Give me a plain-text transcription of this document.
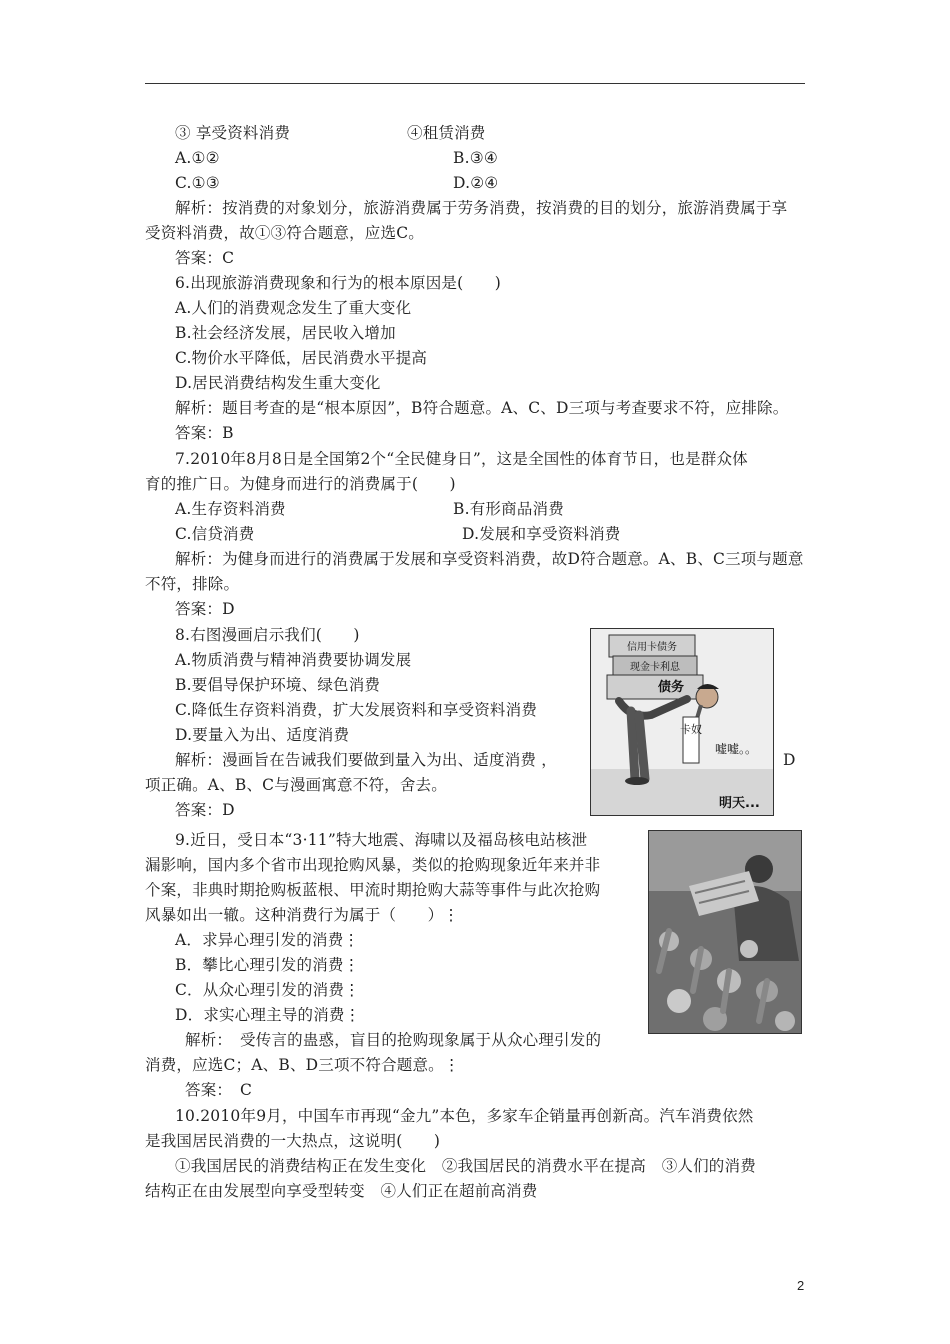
③ 享受资料消费	④租赁消费
A.①②	B.③④
C.①③	D.②④
解析：按消费的对象划分，旅游消费属于劳务消费，按消费的目的划分，旅游消费属于享
受资料消费，故①③符合题意，应选C。
答案：C
6.出现旅游消费现象和行为的根本原因是(　　)
A.人们的消费观念发生了重大变化
B.社会经济发展，居民收入增加
C.物价水平降低，居民消费水平提高
D.居民消费结构发生重大变化
解析：题目考查的是“根本原因”，B符合题意。A、C、D三项与考查要求不符，应排除。
答案：B
7.2010年8月8日是全国第2个“全民健身日”，这是全国性的体育节日，也是群众体
育的推广日。为健身而进行的消费属于(　　)
A.生存资料消费	B.有形商品消费
C.信贷消费	D.发展和享受资料消费
解析：为健身而进行的消费属于发展和享受资料消费，故D符合题意。A、B、C三项与题意
不符，排除。
答案：D
8.右图漫画启示我们(　　)
A.物质消费与精神消费要协调发展
B.要倡导保护环境、绿色消费
C.降低生存资料消费，扩大发展资料和享受资料消费
D.要量入为出、适度消费
解析：漫画旨在告诫我们要做到量入为出、适度消费 ，	D
项正确。A、B、C与漫画寓意不符，舍去。
答案：D
信用卡债务
现金卡利息
债务
卡奴
嘘嘘。。
明天...
9.近日，受日本“3·11”特大地震、海啸以及福岛核电站核泄
漏影响，国内多个省市出现抢购风暴，类似的抢购现象近年来并非
个案，非典时期抢购板蓝根、甲流时期抢购大蒜等事件与此次抢购
风暴如出一辙。这种消费行为属于（　　）⋮
A．求异心理引发的消费⋮
B．攀比心理引发的消费⋮
C．从众心理引发的消费⋮
D．求实心理主导的消费⋮
解析：　受传言的蛊惑，盲目的抢购现象属于从众心理引发的
消费，应选C；A、B、D三项不符合题意。⋮
答案：　C
10.2010年9月，中国车市再现“金九”本色，多家车企销量再创新高。汽车消费依然
是我国居民消费的一大热点，这说明(　　)
①我国居民的消费结构正在发生变化　②我国居民的消费水平在提高　③人们的消费
结构正在由发展型向享受型转变　④人们正在超前高消费
2
